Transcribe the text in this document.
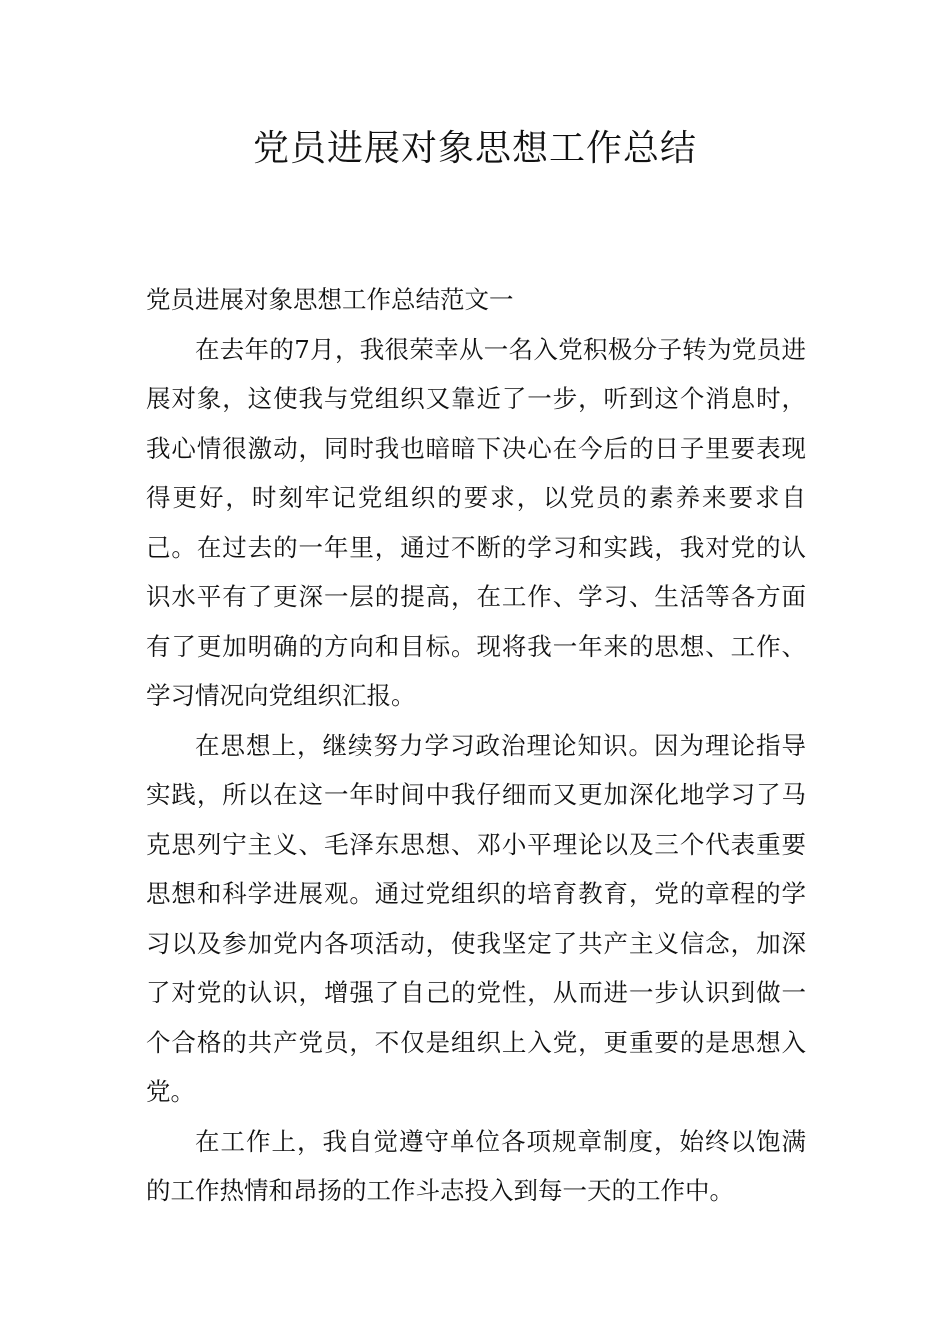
党员进展对象思想工作总结

党员进展对象思想工作总结范文一

在去年的7月，我很荣幸从一名入党积极分子转为党员进展对象，这使我与党组织又靠近了一步，听到这个消息时，我心情很激动，同时我也暗暗下决心在今后的日子里要表现得更好，时刻牢记党组织的要求，以党员的素养来要求自己。在过去的一年里，通过不断的学习和实践，我对党的认识水平有了更深一层的提高，在工作、学习、生活等各方面有了更加明确的方向和目标。现将我一年来的思想、工作、学习情况向党组织汇报。

在思想上，继续努力学习政治理论知识。因为理论指导实践，所以在这一年时间中我仔细而又更加深化地学习了马克思列宁主义、毛泽东思想、邓小平理论以及三个代表重要思想和科学进展观。通过党组织的培育教育，党的章程的学习以及参加党内各项活动，使我坚定了共产主义信念，加深了对党的认识，增强了自己的党性，从而进一步认识到做一个合格的共产党员，不仅是组织上入党，更重要的是思想入党。

在工作上，我自觉遵守单位各项规章制度，始终以饱满的工作热情和昂扬的工作斗志投入到每一天的工作中。
